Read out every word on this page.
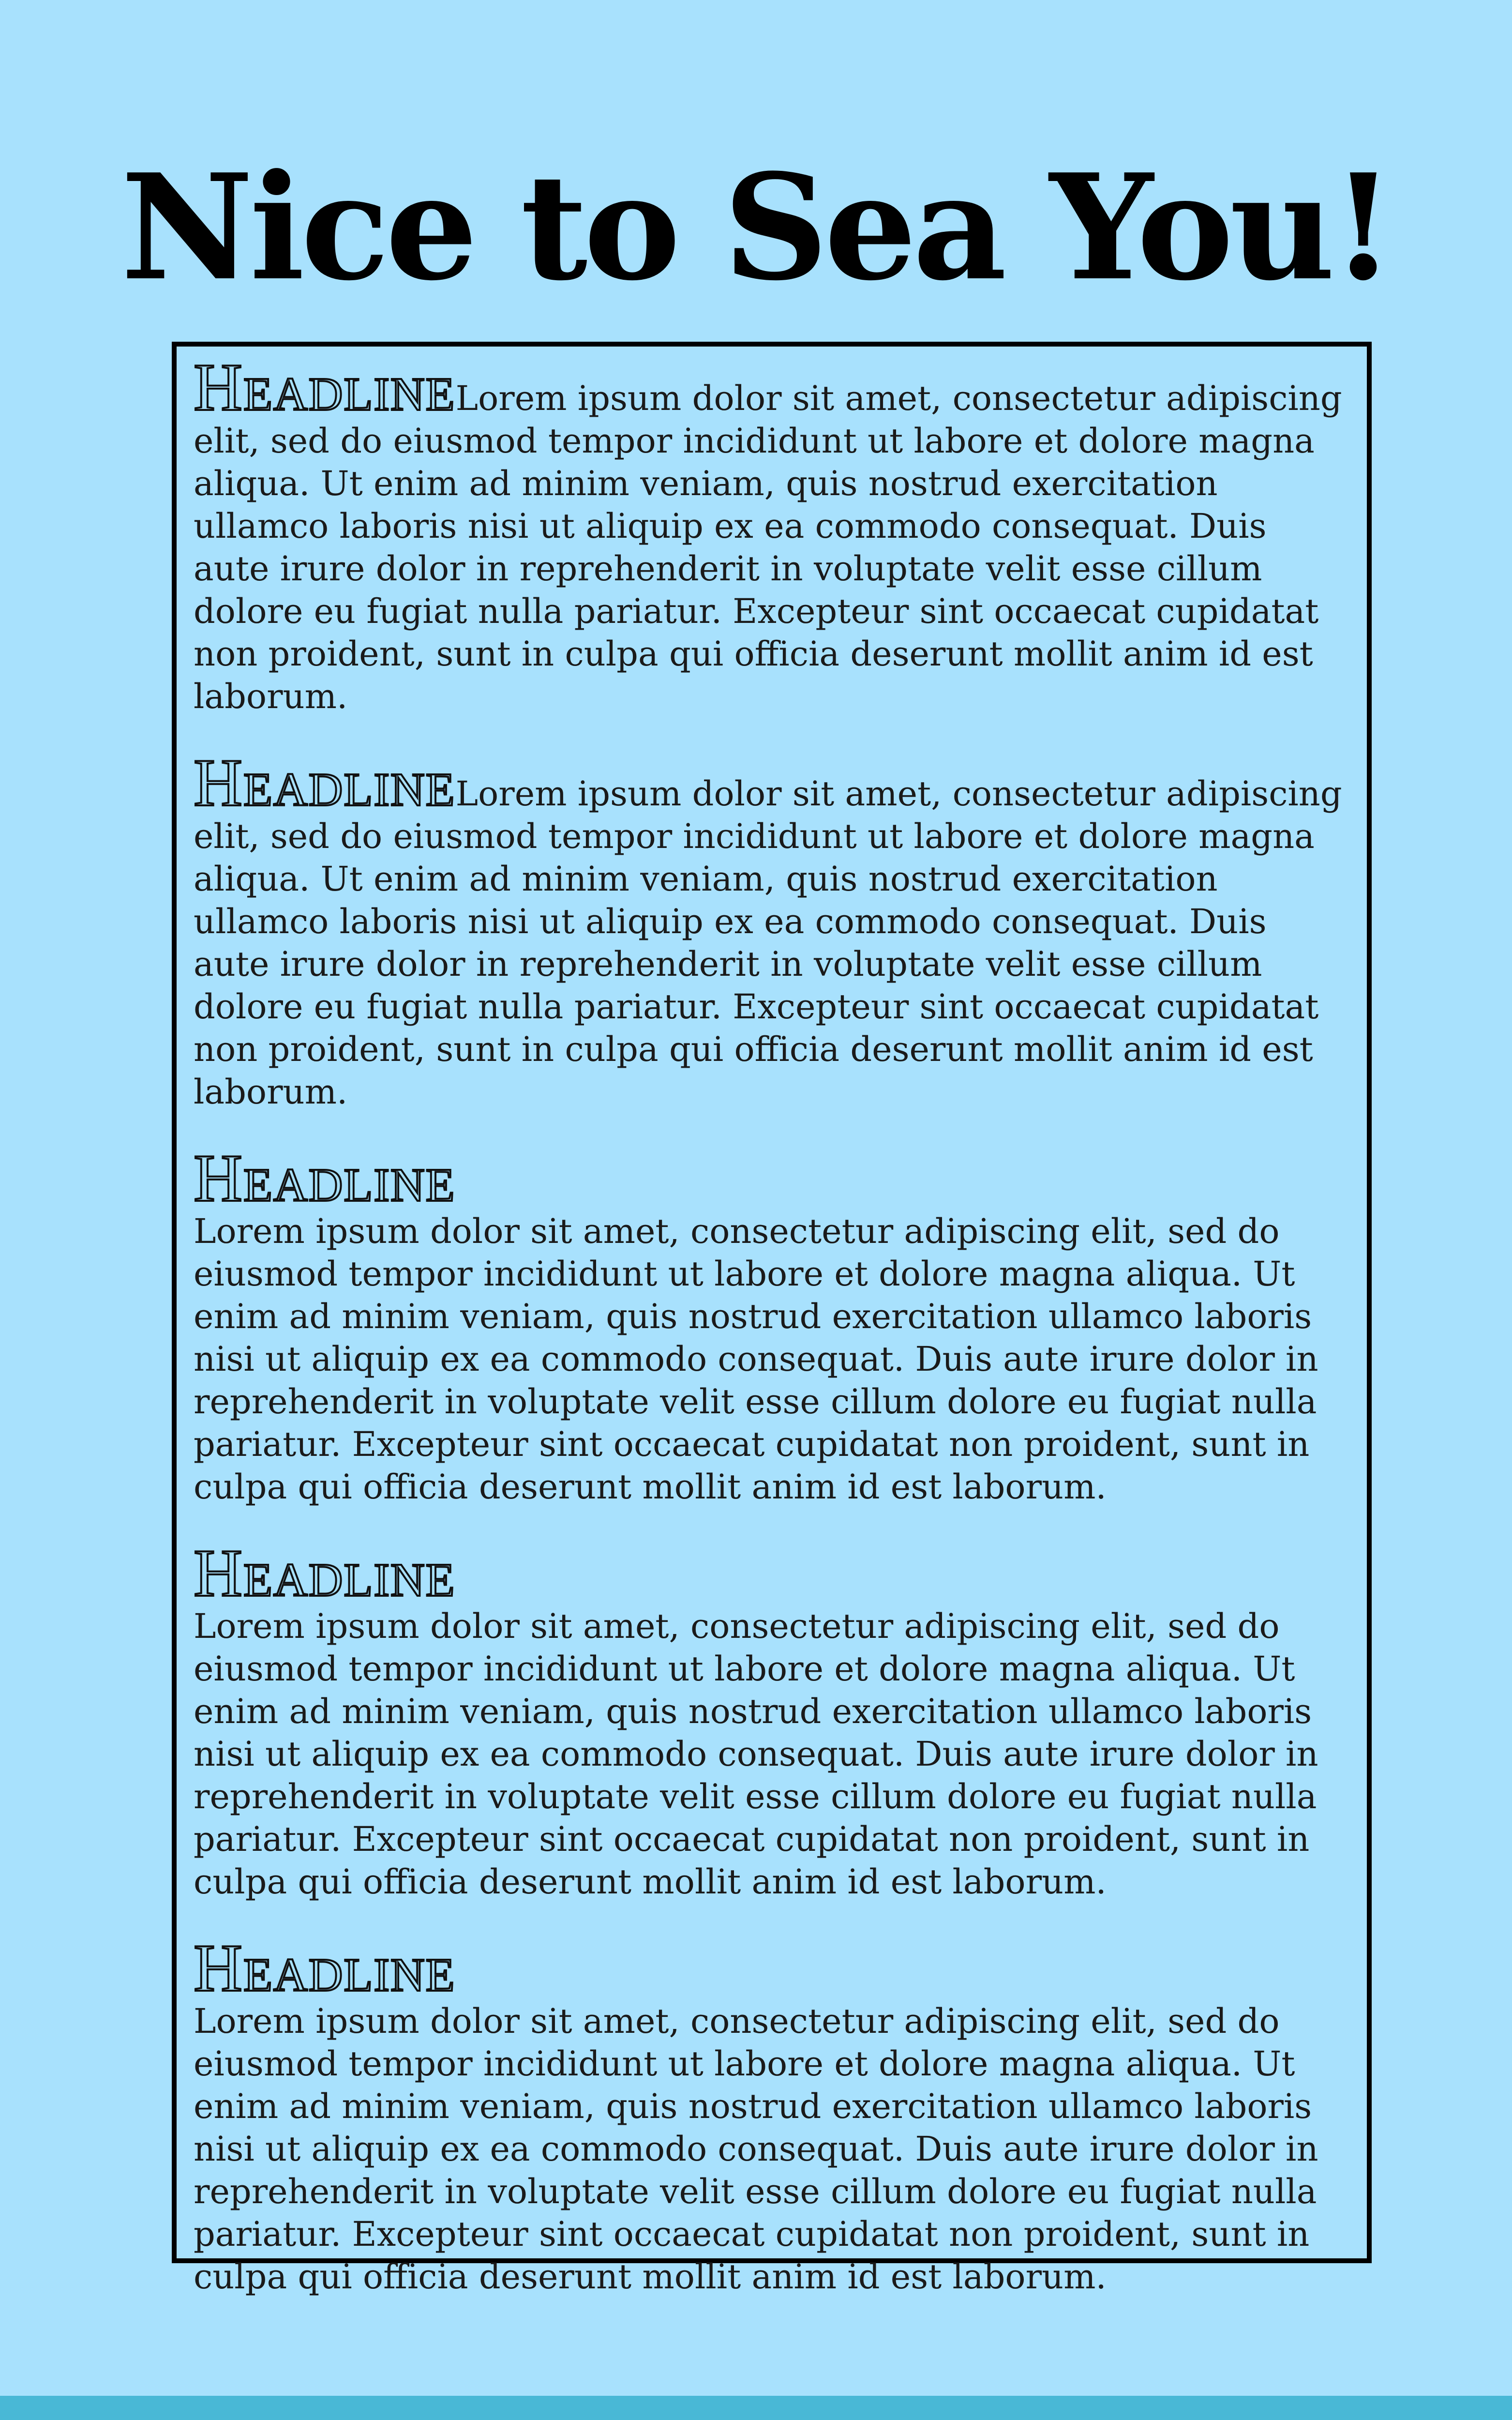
Nice to Sea You!

HeadlineLorem ipsum dolor sit amet, consectetur adipiscing elit, sed do eiusmod tempor incididunt ut labore et dolore magna aliqua. Ut enim ad minim veniam, quis nostrud exercitation ullamco laboris nisi ut aliquip ex ea commodo consequat. Duis aute irure dolor in reprehenderit in voluptate velit esse cillum dolore eu fugiat nulla pariatur. Excepteur sint occaecat cupidatat non proident, sunt in culpa qui officia deserunt mollit anim id est laborum.

HeadlineLorem ipsum dolor sit amet, consectetur adipiscing elit, sed do eiusmod tempor incididunt ut labore et dolore magna aliqua. Ut enim ad minim veniam, quis nostrud exercitation ullamco laboris nisi ut aliquip ex ea commodo consequat. Duis aute irure dolor in reprehenderit in voluptate velit esse cillum dolore eu fugiat nulla pariatur. Excepteur sint occaecat cupidatat non proident, sunt in culpa qui officia deserunt mollit anim id est laborum.

Headline
Lorem ipsum dolor sit amet, consectetur adipiscing elit, sed do eiusmod tempor incididunt ut labore et dolore magna aliqua. Ut enim ad minim veniam, quis nostrud exercitation ullamco laboris nisi ut aliquip ex ea commodo consequat. Duis aute irure dolor in reprehenderit in voluptate velit esse cillum dolore eu fugiat nulla pariatur. Excepteur sint occaecat cupidatat non proident, sunt in culpa qui officia deserunt mollit anim id est laborum.

Headline
Lorem ipsum dolor sit amet, consectetur adipiscing elit, sed do eiusmod tempor incididunt ut labore et dolore magna aliqua. Ut enim ad minim veniam, quis nostrud exercitation ullamco laboris nisi ut aliquip ex ea commodo consequat. Duis aute irure dolor in reprehenderit in voluptate velit esse cillum dolore eu fugiat nulla pariatur. Excepteur sint occaecat cupidatat non proident, sunt in culpa qui officia deserunt mollit anim id est laborum.

Headline
Lorem ipsum dolor sit amet, consectetur adipiscing elit, sed do eiusmod tempor incididunt ut labore et dolore magna aliqua. Ut enim ad minim veniam, quis nostrud exercitation ullamco laboris nisi ut aliquip ex ea commodo consequat. Duis aute irure dolor in reprehenderit in voluptate velit esse cillum dolore eu fugiat nulla pariatur. Excepteur sint occaecat cupidatat non proident, sunt in culpa qui officia deserunt mollit anim id est laborum.
